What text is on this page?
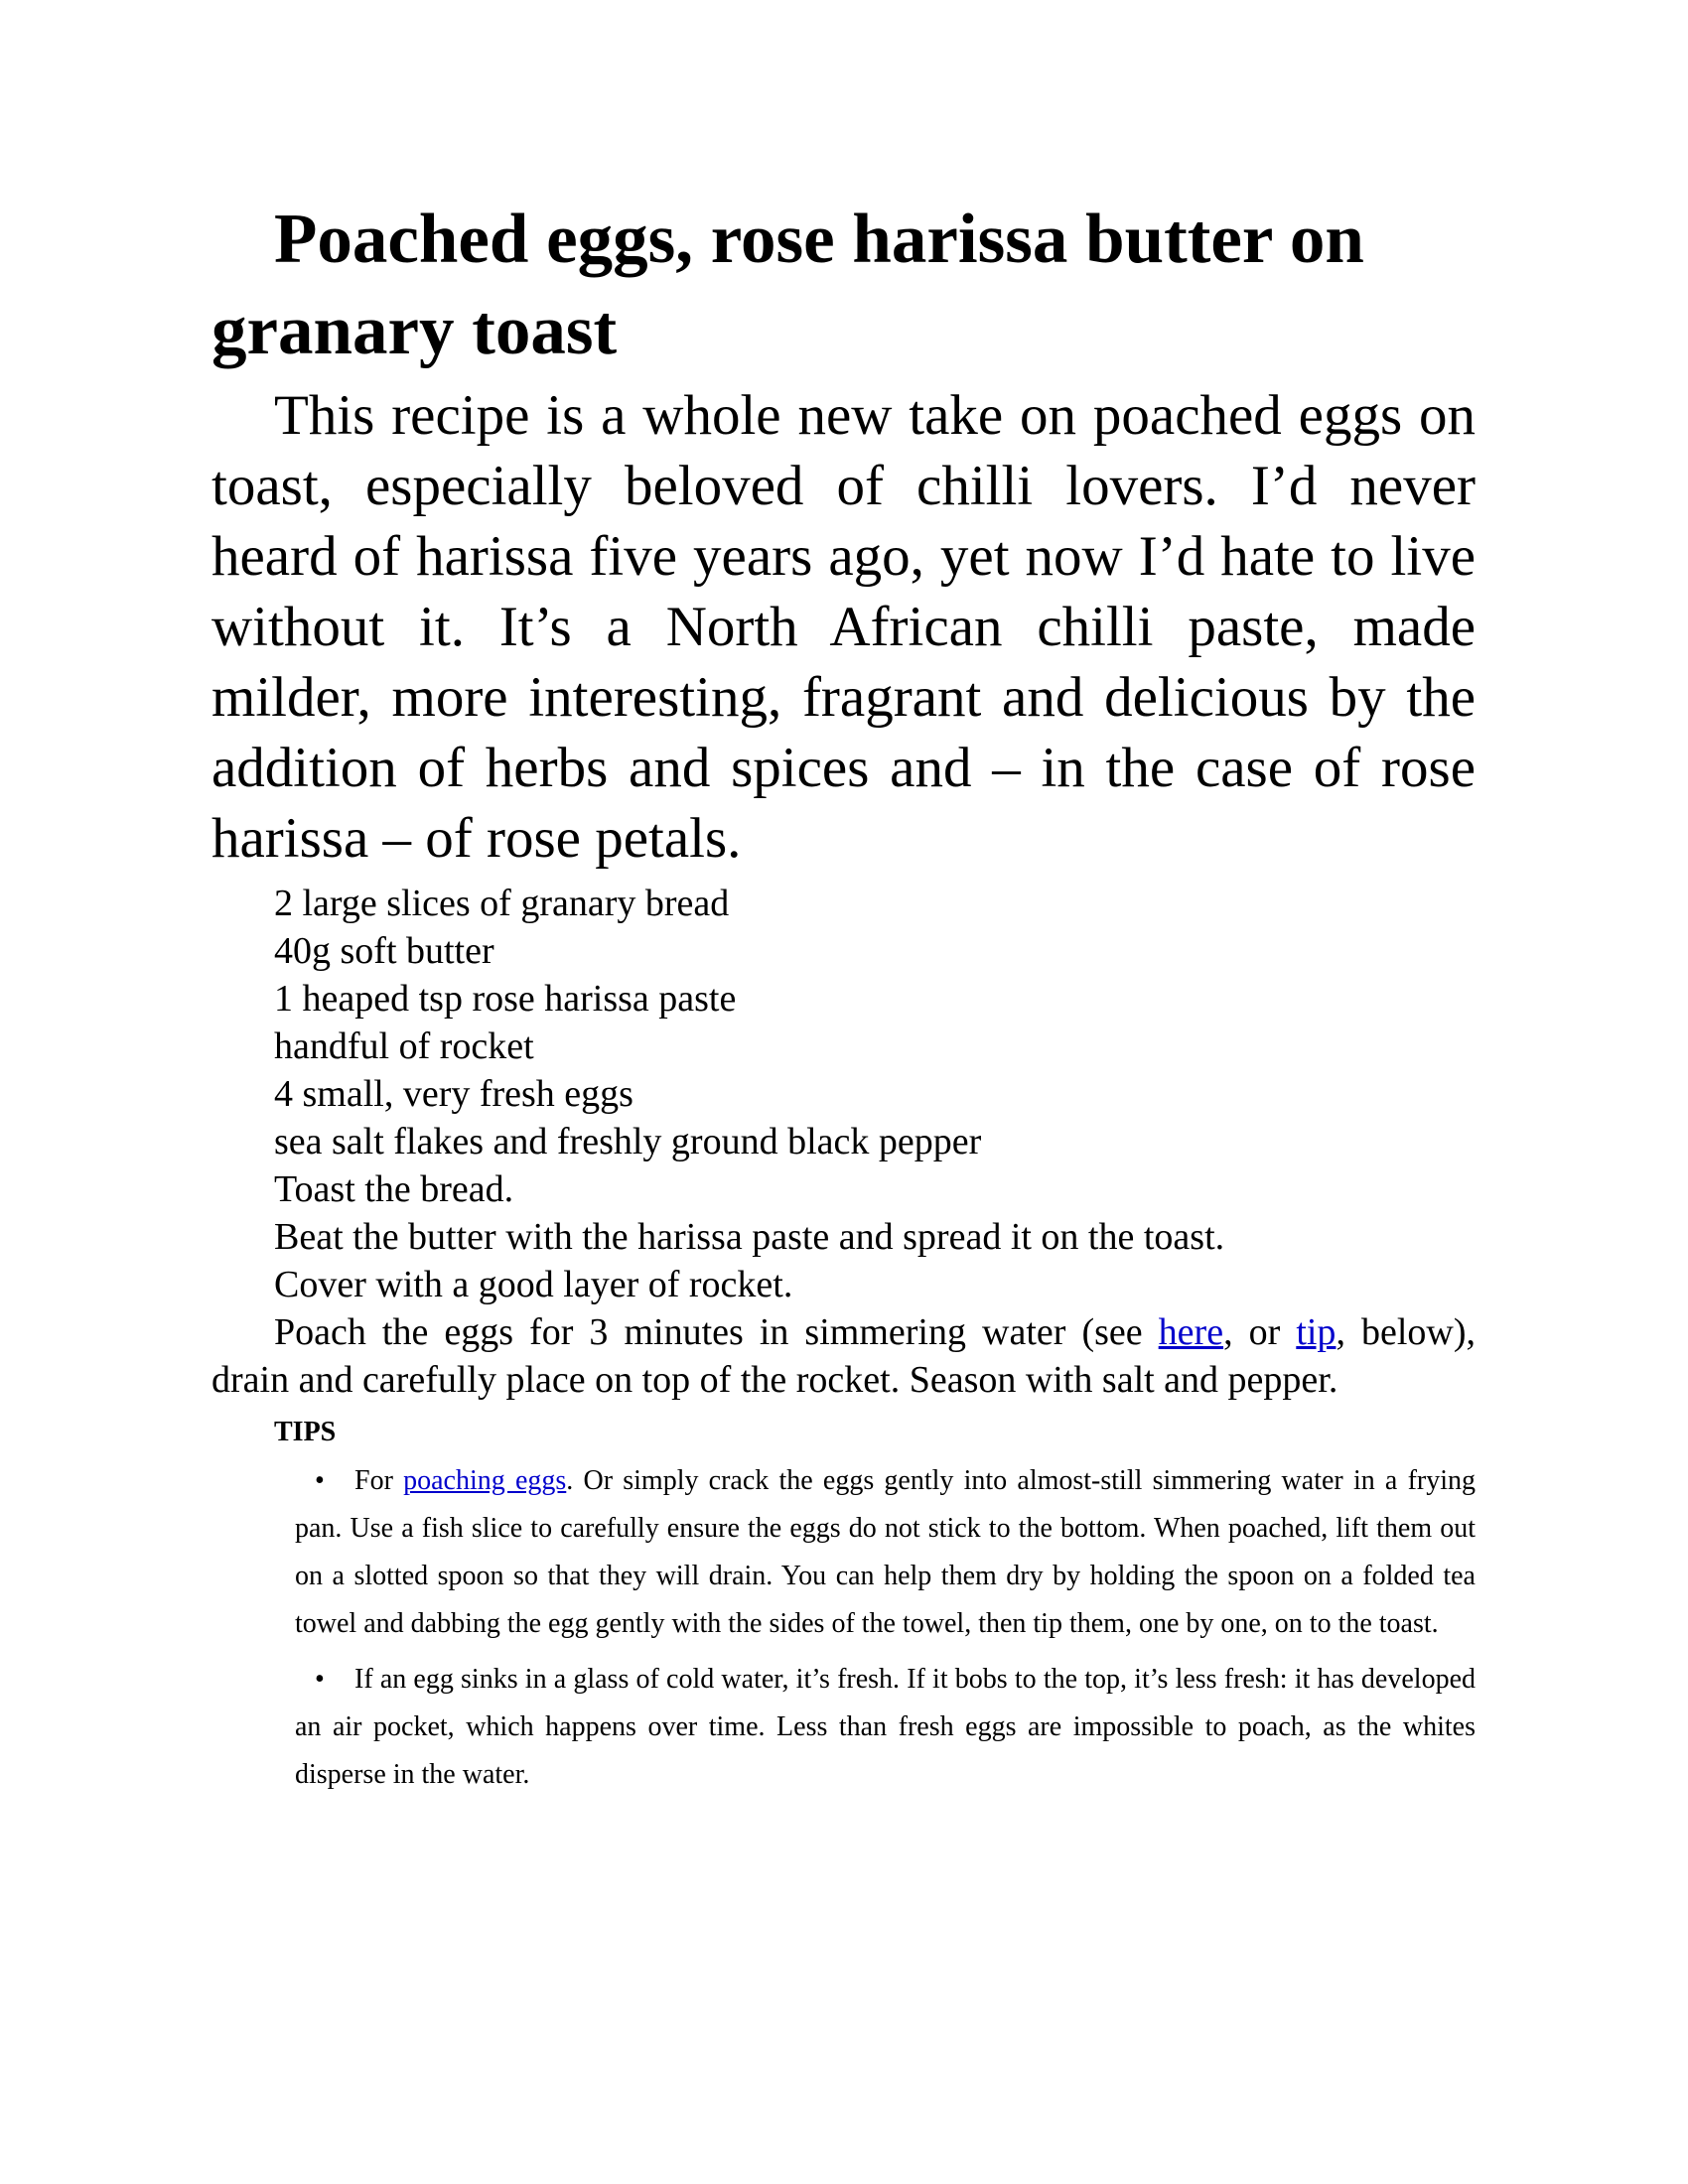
Poached eggs, rose harissa butter on granary toast

This recipe is a whole new take on poached eggs on toast, especially beloved of chilli lovers. I’d never heard of harissa five years ago, yet now I’d hate to live without it. It’s a North African chilli paste, made milder, more interesting, fragrant and delicious by the addition of herbs and spices and – in the case of rose harissa – of rose petals.

2 large slices of granary bread
40g soft butter
1 heaped tsp rose harissa paste
handful of rocket
4 small, very fresh eggs
sea salt flakes and freshly ground black pepper
Toast the bread.
Beat the butter with the harissa paste and spread it on the toast.
Cover with a good layer of rocket.

Poach the eggs for 3 minutes in simmering water (see here, or tip, below), drain and carefully place on top of the rocket. Season with salt and pepper.

TIPS
• For poaching eggs. Or simply crack the eggs gently into almost-still simmering water in a frying pan. Use a fish slice to carefully ensure the eggs do not stick to the bottom. When poached, lift them out on a slotted spoon so that they will drain. You can help them dry by holding the spoon on a folded tea towel and dabbing the egg gently with the sides of the towel, then tip them, one by one, on to the toast.
• If an egg sinks in a glass of cold water, it’s fresh. If it bobs to the top, it’s less fresh: it has developed an air pocket, which happens over time. Less than fresh eggs are impossible to poach, as the whites disperse in the water.
